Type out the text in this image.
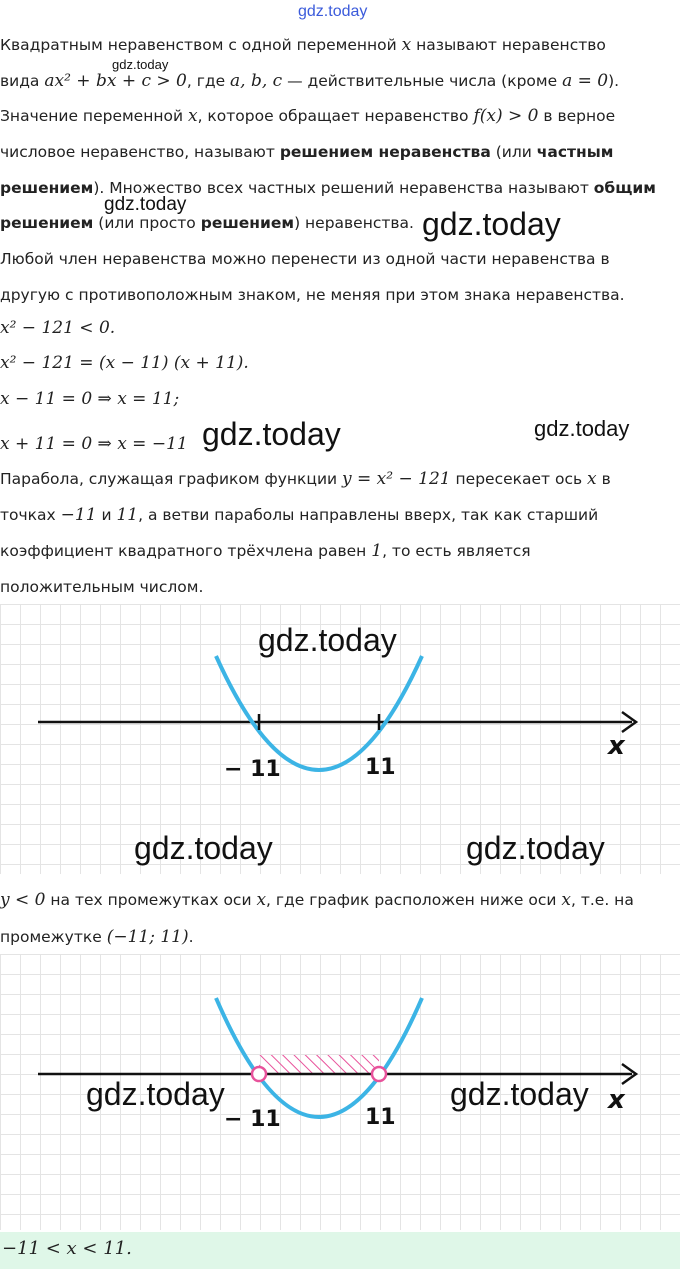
gdz.today
Квадратным неравенством с одной переменной x называют неравенство
gdz.today
вида ax² + bx + c > 0, где a, b, c — действительные числа (кроме a = 0).
Значение переменной x, которое обращает неравенство f(x) > 0 в верное
числовое неравенство, называют решением неравенства (или частным
решением). Множество всех частных решений неравенства называют общим
gdz.today
решением (или просто решением) неравенства. gdz.today
Любой член неравенства можно перенести из одной части неравенства в
другую с противоположным знаком, не меняя при этом знака неравенства.
x² − 121 < 0.
x² − 121 = (x − 11) (x + 11).
x − 11 = 0 ⇒ x = 11;
x + 11 = 0 ⇒ x = −11 gdz.today	gdz.today
Парабола, служащая графиком функции y = x² − 121 пересекает ось x в
точках −11 и 11, а ветви параболы направлены вверх, так как старший
коэффициент квадратного трёхчлена равен 1, то есть является
положительным числом.
x
− 11	11
gdz.today
gdz.today	gdz.today
y < 0 на тех промежутках оси x, где график расположен ниже оси x, т.е. на
промежутке (−11; 11).
x
− 11	11
gdz.today	gdz.today
−11 < x < 11.
